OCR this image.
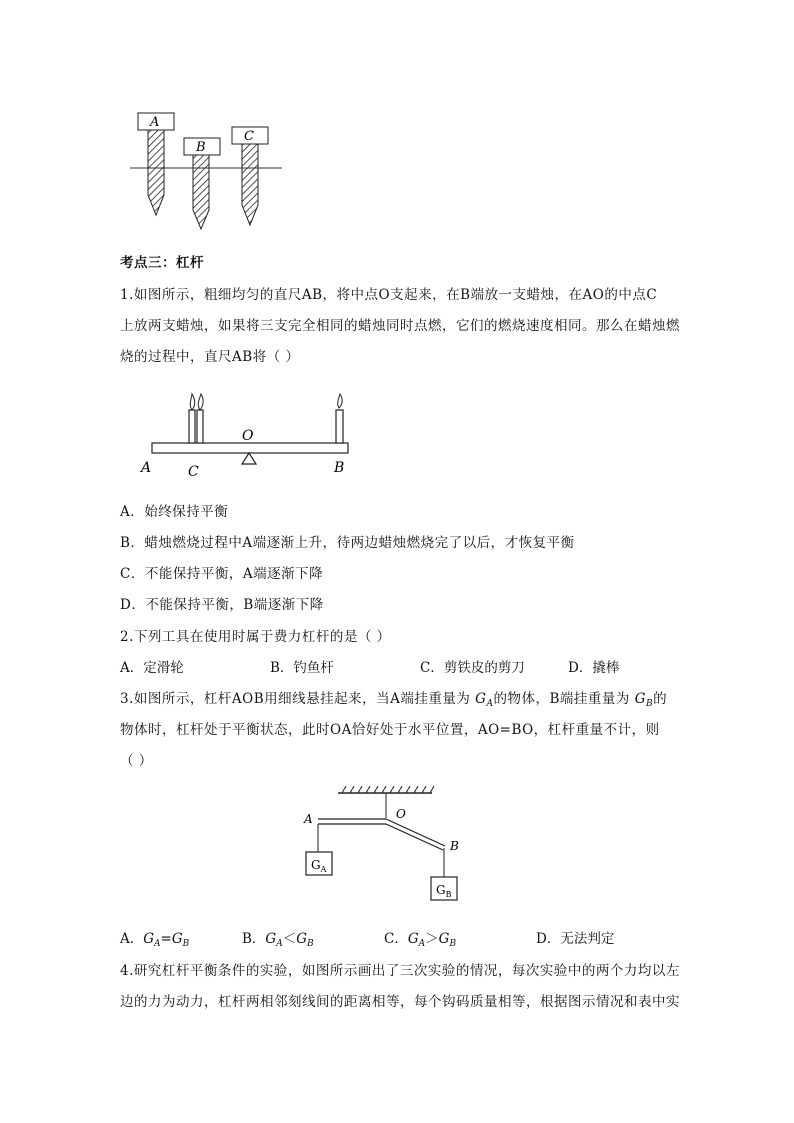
A
B
C
考点三：杠杆
1.如图所示，粗细均匀的直尺AB，将中点O支起来，在B端放一支蜡烛，在AO的中点C
上放两支蜡烛，如果将三支完全相同的蜡烛同时点燃，它们的燃烧速度相同。那么在蜡烛燃
烧的过程中，直尺AB将（ ）
O
A	C	B
A．始终保持平衡
B．蜡烛燃烧过程中A端逐渐上升，待两边蜡烛燃烧完了以后，才恢复平衡
C．不能保持平衡，A端逐渐下降
D．不能保持平衡，B端逐渐下降
2.下列工具在使用时属于费力杠杆的是（ ）
A．定滑轮	B．钓鱼杆	C．剪铁皮的剪刀	D．撬棒
3.如图所示，杠杆AOB用细线悬挂起来，当A端挂重量为 $G_A$的物体，B端挂重量为 $G_B$的
物体时，杠杆处于平衡状态，此时OA恰好处于水平位置，AO=BO，杠杆重量不计，则
（ ）
A	O
B
$G_A$
$G_B$
A．$G_A=G_B$	B．$G_A<G_B$	C．$G_A>G_B$	D．无法判定
4.研究杠杆平衡条件的实验，如图所示画出了三次实验的情况，每次实验中的两个力均以左
边的力为动力，杠杆两相邻刻线间的距离相等，每个钩码质量相等，根据图示情况和表中实
